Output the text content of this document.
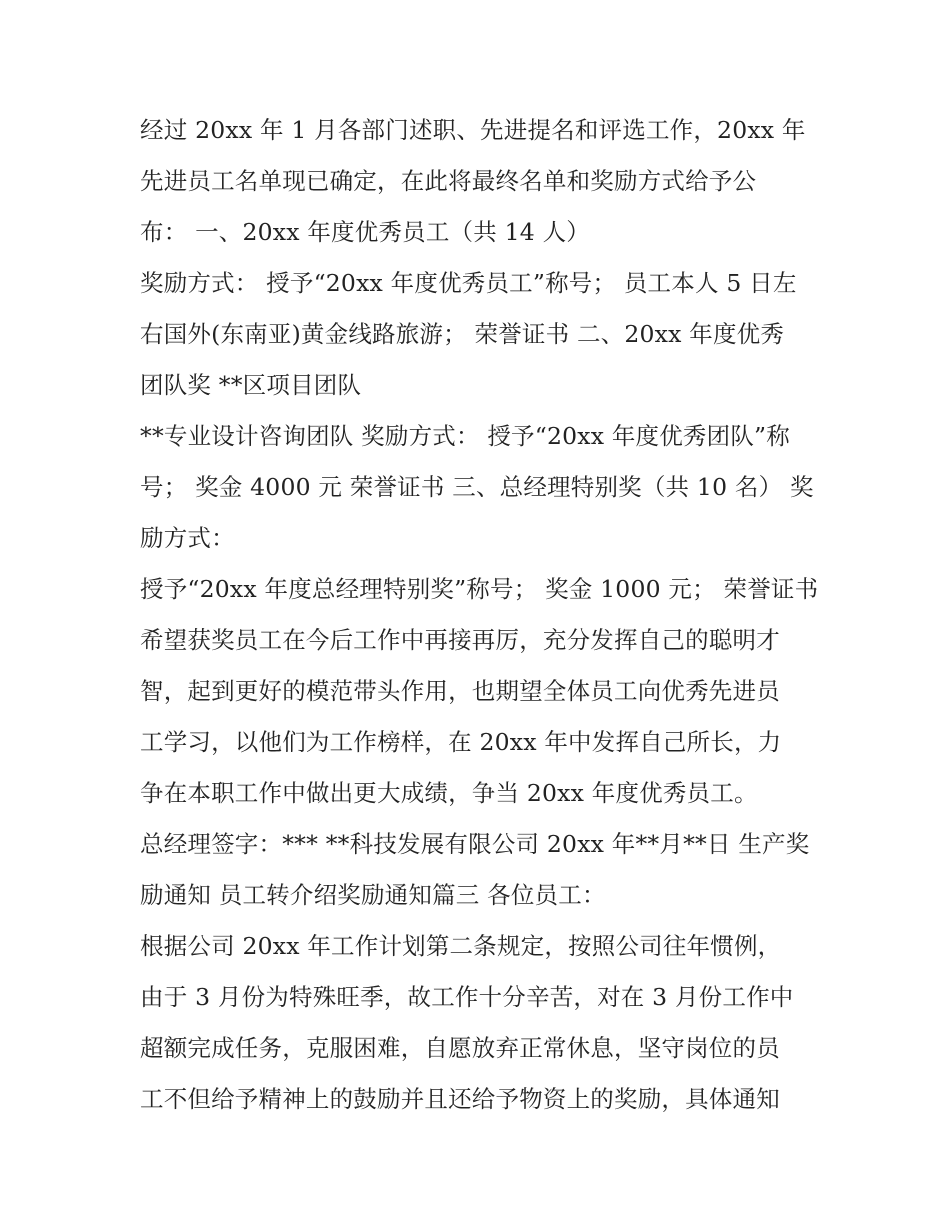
经过 20xx 年 1 月各部门述职、先进提名和评选工作，20xx 年

先进员工名单现已确定，在此将最终名单和奖励方式给予公

布： 一、20xx 年度优秀员工（共 14 人）

奖励方式： 授予“20xx 年度优秀员工”称号； 员工本人 5 日左

右国外(东南亚)黄金线路旅游； 荣誉证书 二、20xx 年度优秀

团队奖 **区项目团队

**专业设计咨询团队 奖励方式： 授予“20xx 年度优秀团队”称

号； 奖金 4000 元 荣誉证书 三、总经理特别奖（共 10 名） 奖

励方式：

授予“20xx 年度总经理特别奖”称号； 奖金 1000 元； 荣誉证书

希望获奖员工在今后工作中再接再厉，充分发挥自己的聪明才

智，起到更好的模范带头作用，也期望全体员工向优秀先进员

工学习，以他们为工作榜样，在 20xx 年中发挥自己所长，力

争在本职工作中做出更大成绩，争当 20xx 年度优秀员工。

总经理签字：*** **科技发展有限公司 20xx 年**月**日 生产奖

励通知 员工转介绍奖励通知篇三 各位员工：

根据公司 20xx 年工作计划第二条规定，按照公司往年惯例，

由于 3 月份为特殊旺季，故工作十分辛苦，对在 3 月份工作中

超额完成任务，克服困难，自愿放弃正常休息，坚守岗位的员

工不但给予精神上的鼓励并且还给予物资上的奖励，具体通知
